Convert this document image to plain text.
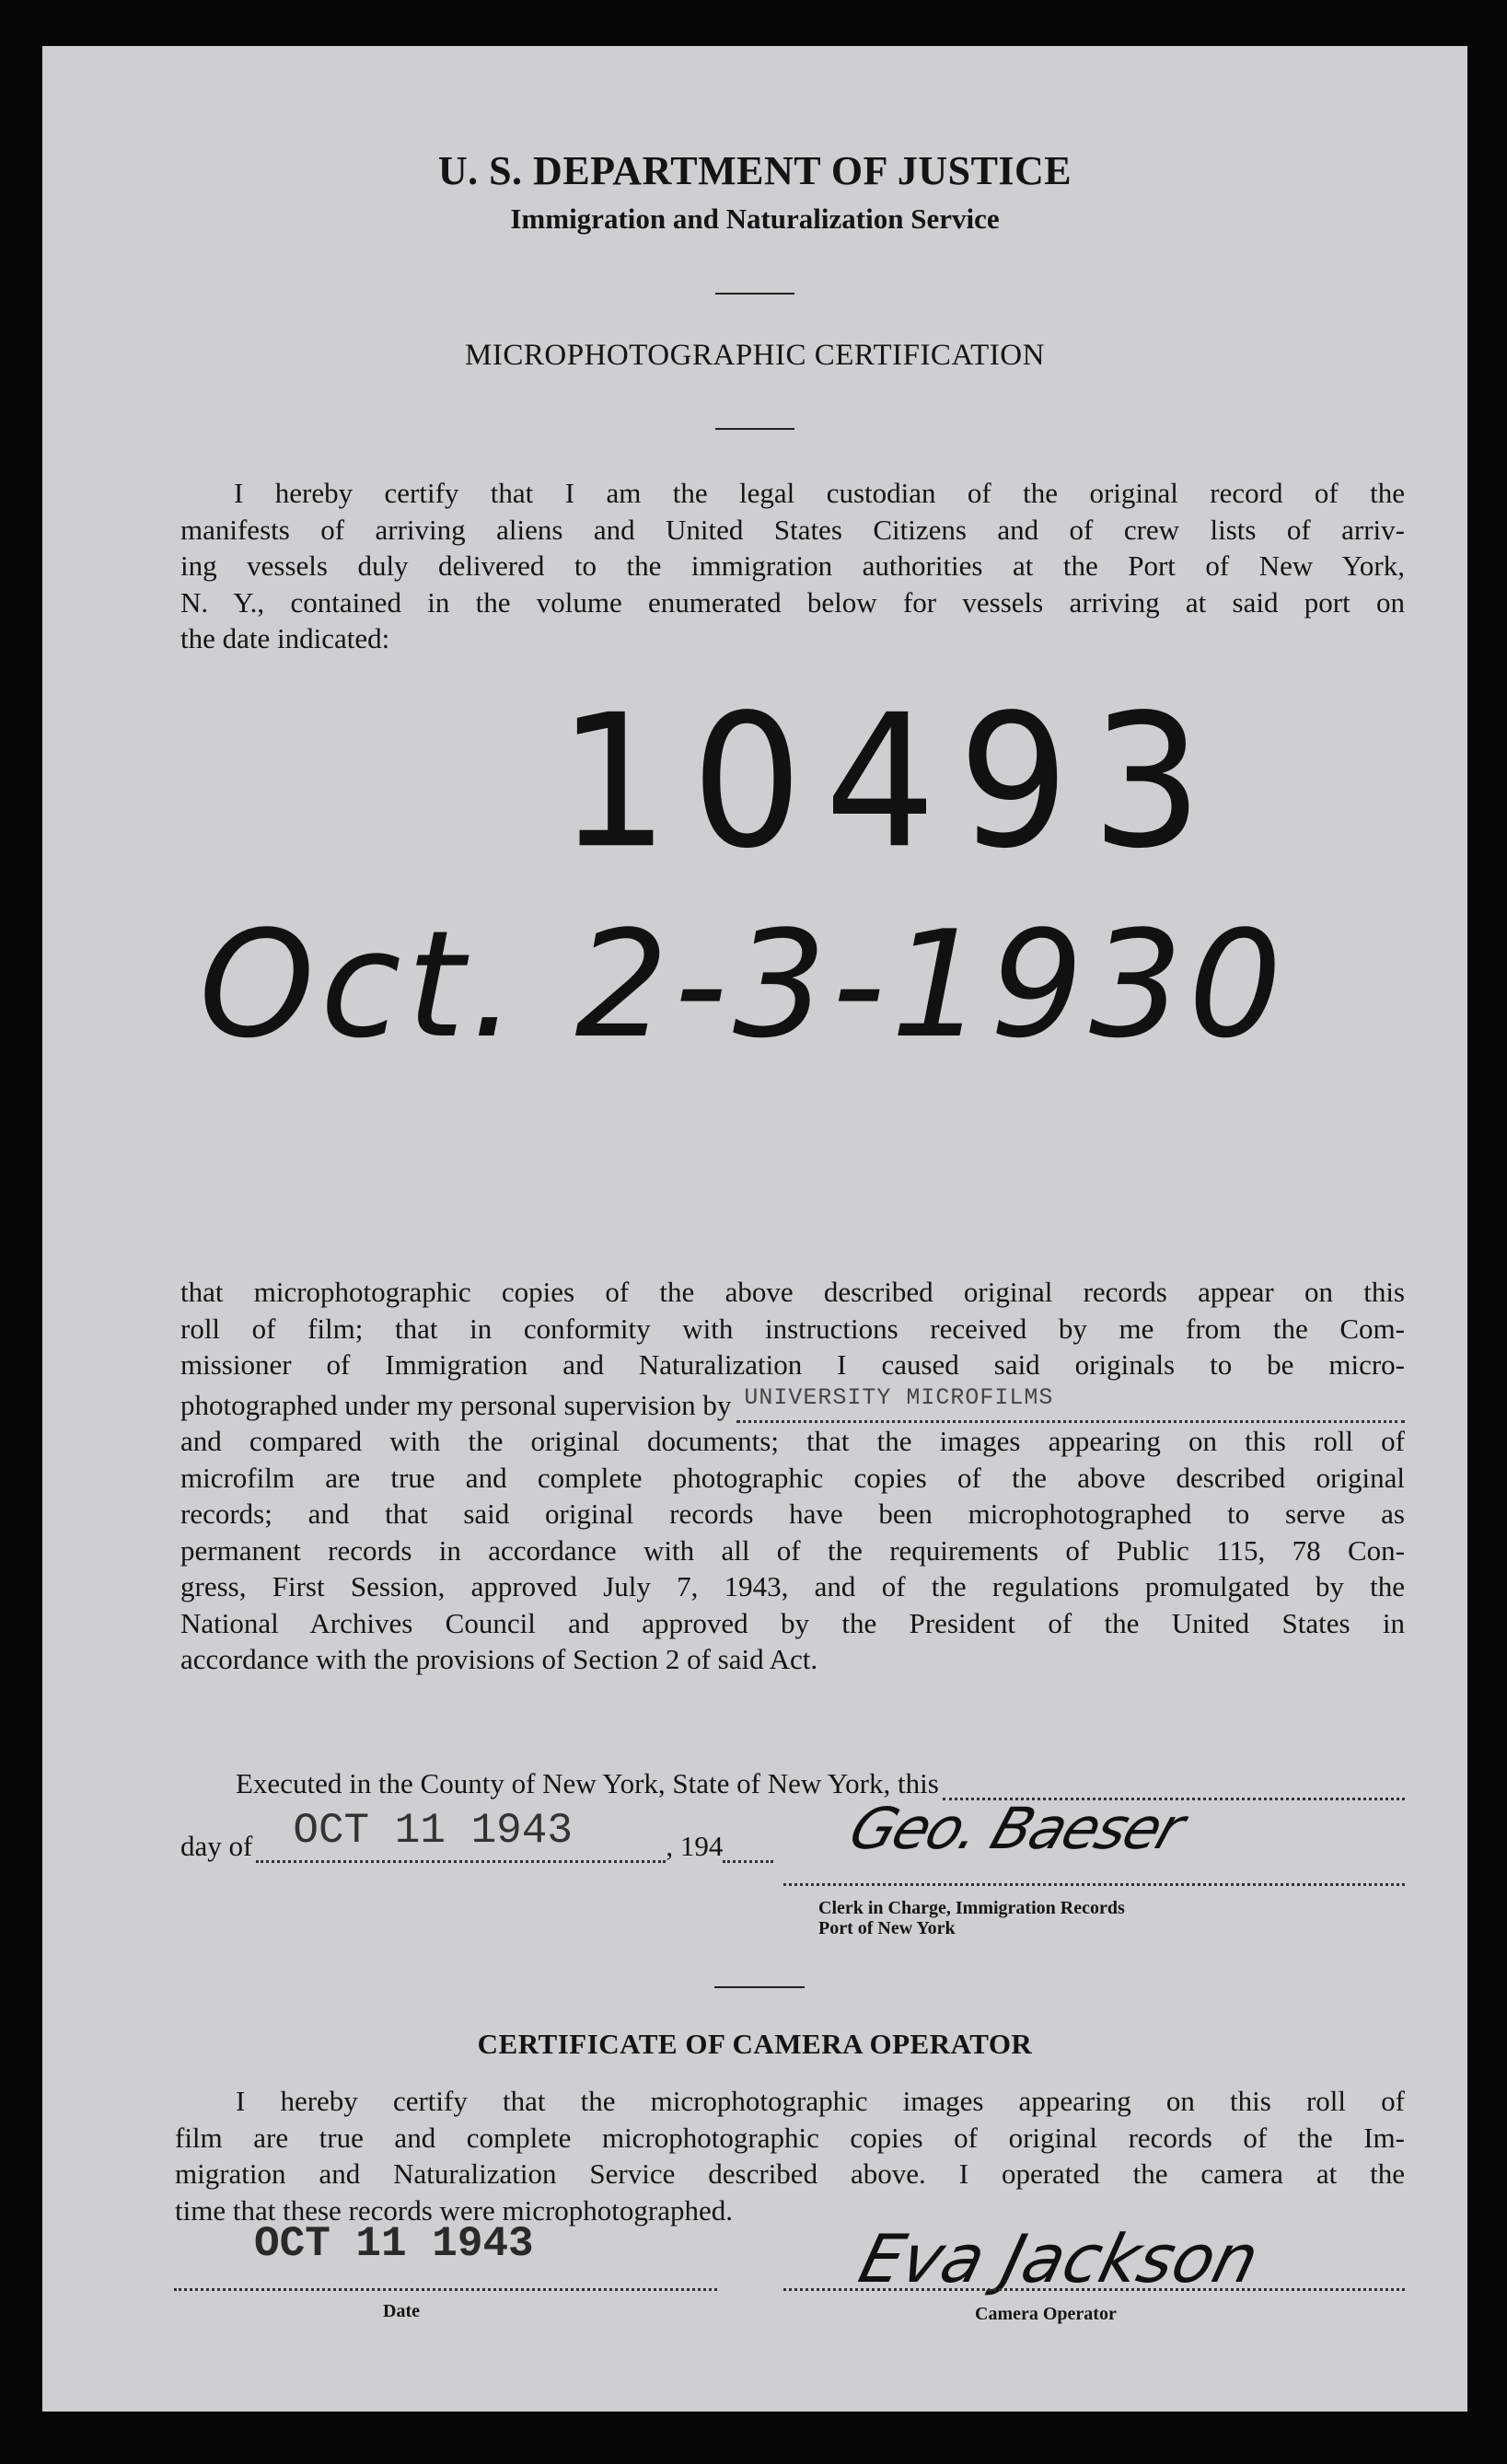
U. S. DEPARTMENT OF JUSTICE
Immigration and Naturalization Service
MICROPHOTOGRAPHIC CERTIFICATION
I hereby certify that I am the legal custodian of the original record of the
manifests of arriving aliens and United States Citizens and of crew lists of arriv-
ing vessels duly delivered to the immigration authorities at the Port of New York,
N. Y., contained in the volume enumerated below for vessels arriving at said port on
the date indicated:
10493
Oct. 2-3-1930
that microphotographic copies of the above described original records appear on this
roll of film; that in conformity with instructions received by me from the Com-
missioner of Immigration and Naturalization I caused said originals to be micro-
photographed under my personal supervision by UNIVERSITY MICROFILMS
and compared with the original documents; that the images appearing on this roll of
microfilm are true and complete photographic copies of the above described original
records; and that said original records have been microphotographed to serve as
permanent records in accordance with all of the requirements of Public 115, 78 Con-
gress, First Session, approved July 7, 1943, and of the regulations promulgated by the
National Archives Council and approved by the President of the United States in
accordance with the provisions of Section 2 of said Act.
Executed in the County of New York, State of New York, this
day of OCT 11 1943	, 194 Geo. Baeser
Clerk in Charge, Immigration Records
Port of New York
CERTIFICATE OF CAMERA OPERATOR
I hereby certify that the microphotographic images appearing on this roll of
film are true and complete microphotographic copies of original records of the Im-
migration and Naturalization Service described above. I operated the camera at the
time that these records were microphotographed.
OCT 11 1943
Date
Eva Jackson
Camera Operator
